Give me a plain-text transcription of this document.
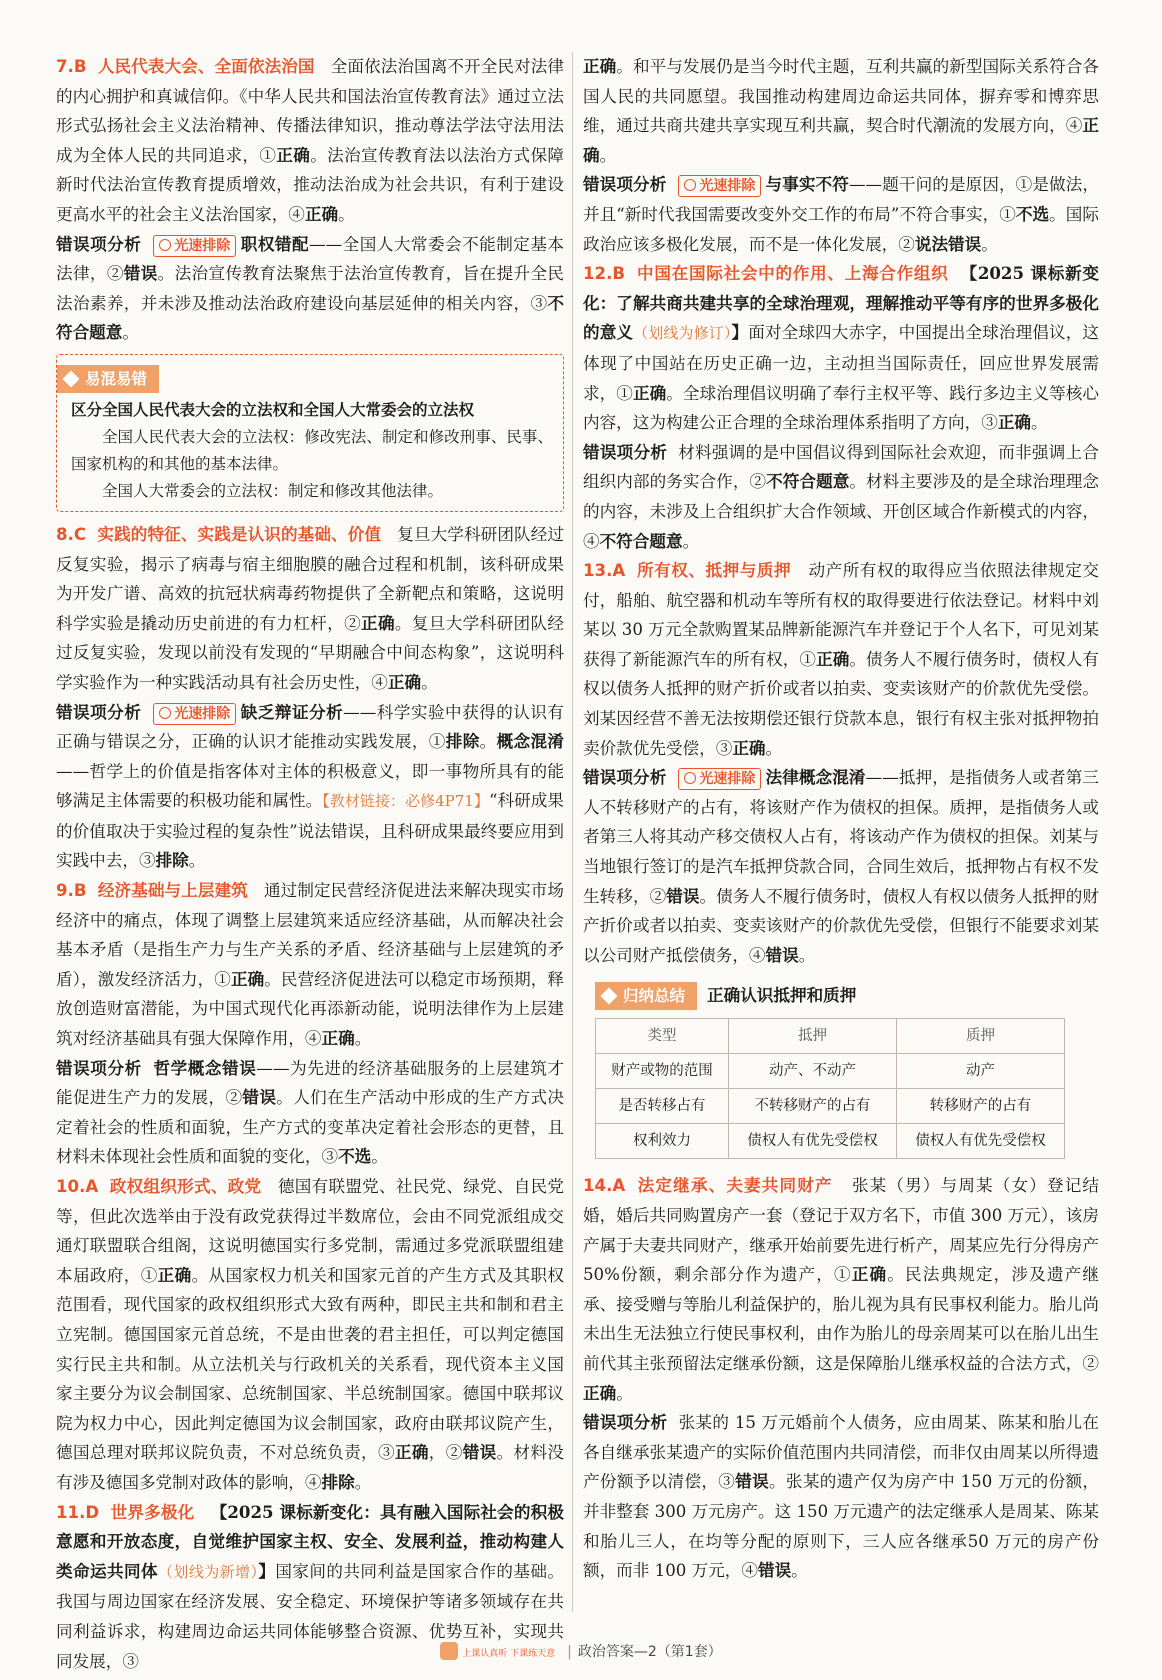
7.B 人民代表大会、全面依法治国 全面依法治国离不开全民对法律的内心拥护和真诚信仰。《中华人民共和国法治宣传教育法》通过立法形式弘扬社会主义法治精神、传播法律知识，推动尊法学法守法用法成为全体人民的共同追求，①正确。法治宣传教育法以法治方式保障新时代法治宣传教育提质增效，推动法治成为社会共识，有利于建设更高水平的社会主义法治国家，④正确。

错误项分析 光速排除 职权错配——全国人大常委会不能制定基本法律，②错误。法治宣传教育法聚焦于法治宣传教育，旨在提升全民法治素养，并未涉及推动法治政府建设向基层延伸的相关内容，③不符合题意。

易混易错
区分全国人民代表大会的立法权和全国人大常委会的立法权
全国人民代表大会的立法权：修改宪法、制定和修改刑事、民事、国家机构的和其他的基本法律。
全国人大常委会的立法权：制定和修改其他法律。

8.C 实践的特征、实践是认识的基础、价值 复旦大学科研团队经过反复实验，揭示了病毒与宿主细胞膜的融合过程和机制，该科研成果为开发广谱、高效的抗冠状病毒药物提供了全新靶点和策略，这说明科学实验是撬动历史前进的有力杠杆，②正确。复旦大学科研团队经过反复实验，发现以前没有发现的“早期融合中间态构象”，这说明科学实验作为一种实践活动具有社会历史性，④正确。

错误项分析 光速排除 缺乏辩证分析——科学实验中获得的认识有正确与错误之分，正确的认识才能推动实践发展，①排除。概念混淆——哲学上的价值是指客体对主体的积极意义，即一事物所具有的能够满足主体需要的积极功能和属性。【教材链接：必修4P71】“科研成果的价值取决于实验过程的复杂性”说法错误，且科研成果最终要应用到实践中去，③排除。

9.B 经济基础与上层建筑 通过制定民营经济促进法来解决现实市场经济中的痛点，体现了调整上层建筑来适应经济基础，从而解决社会基本矛盾（是指生产力与生产关系的矛盾、经济基础与上层建筑的矛盾），激发经济活力，①正确。民营经济促进法可以稳定市场预期，释放创造财富潜能，为中国式现代化再添新动能，说明法律作为上层建筑对经济基础具有强大保障作用，④正确。

错误项分析 哲学概念错误——为先进的经济基础服务的上层建筑才能促进生产力的发展，②错误。人们在生产活动中形成的生产方式决定着社会的性质和面貌，生产方式的变革决定着社会形态的更替，且材料未体现社会性质和面貌的变化，③不选。

10.A 政权组织形式、政党 德国有联盟党、社民党、绿党、自民党等，但此次选举由于没有政党获得过半数席位，会由不同党派组成交通灯联盟联合组阁，这说明德国实行多党制，需通过多党派联盟组建本届政府，①正确。从国家权力机关和国家元首的产生方式及其职权范围看，现代国家的政权组织形式大致有两种，即民主共和制和君主立宪制。德国国家元首总统，不是由世袭的君主担任，可以判定德国实行民主共和制。从立法机关与行政机关的关系看，现代资本主义国家主要分为议会制国家、总统制国家、半总统制国家。德国中联邦议院为权力中心，因此判定德国为议会制国家，政府由联邦议院产生，德国总理对联邦议院负责，不对总统负责，③正确，②错误。材料没有涉及德国多党制对政体的影响，④排除。

11.D 世界多极化 【2025 课标新变化：具有融入国际社会的积极意愿和开放态度，自觉维护国家主权、安全、发展利益，推动构建人类命运共同体（划线为新增）】国家间的共同利益是国家合作的基础。我国与周边国家在经济发展、安全稳定、环境保护等诸多领域存在共同利益诉求，构建周边命运共同体能够整合资源、优势互补，实现共同发展，③

正确。和平与发展仍是当今时代主题，互利共赢的新型国际关系符合各国人民的共同愿望。我国推动构建周边命运共同体，摒弃零和博弈思维，通过共商共建共享实现互利共赢，契合时代潮流的发展方向，④正确。

错误项分析 光速排除 与事实不符——题干问的是原因，①是做法，并且“新时代我国需要改变外交工作的布局”不符合事实，①不选。国际政治应该多极化发展，而不是一体化发展，②说法错误。

12.B 中国在国际社会中的作用、上海合作组织 【2025 课标新变化：了解共商共建共享的全球治理观，理解推动平等有序的世界多极化的意义（划线为修订）】面对全球四大赤字，中国提出全球治理倡议，这体现了中国站在历史正确一边，主动担当国际责任，回应世界发展需求，①正确。全球治理倡议明确了奉行主权平等、践行多边主义等核心内容，这为构建公正合理的全球治理体系指明了方向，③正确。

错误项分析 材料强调的是中国倡议得到国际社会欢迎，而非强调上合组织内部的务实合作，②不符合题意。材料主要涉及的是全球治理理念的内容，未涉及上合组织扩大合作领域、开创区域合作新模式的内容，④不符合题意。

13.A 所有权、抵押与质押 动产所有权的取得应当依照法律规定交付，船舶、航空器和机动车等所有权的取得要进行依法登记。材料中刘某以 30 万元全款购置某品牌新能源汽车并登记于个人名下，可见刘某获得了新能源汽车的所有权，①正确。债务人不履行债务时，债权人有权以债务人抵押的财产折价或者以拍卖、变卖该财产的价款优先受偿。刘某因经营不善无法按期偿还银行贷款本息，银行有权主张对抵押物拍卖价款优先受偿，③正确。

错误项分析 光速排除 法律概念混淆——抵押，是指债务人或者第三人不转移财产的占有，将该财产作为债权的担保。质押，是指债务人或者第三人将其动产移交债权人占有，将该动产作为债权的担保。刘某与当地银行签订的是汽车抵押贷款合同，合同生效后，抵押物占有权不发生转移，②错误。债务人不履行债务时，债权人有权以债务人抵押的财产折价或者以拍卖、变卖该财产的价款优先受偿，但银行不能要求刘某以公司财产抵偿债务，④错误。

归纳总结 正确认识抵押和质押
类型	抵押	质押
财产或物的范围	动产、不动产	动产
是否转移占有	不转移财产的占有	转移财产的占有
权利效力	债权人有优先受偿权	债权人有优先受偿权

14.A 法定继承、夫妻共同财产 张某（男）与周某（女）登记结婚，婚后共同购置房产一套（登记于双方名下，市值 300 万元），该房产属于夫妻共同财产，继承开始前要先进行析产，周某应先行分得房产 50%份额，剩余部分作为遗产，①正确。民法典规定，涉及遗产继承、接受赠与等胎儿利益保护的，胎儿视为具有民事权利能力。胎儿尚未出生无法独立行使民事权利，由作为胎儿的母亲周某可以在胎儿出生前代其主张预留法定继承份额，这是保障胎儿继承权益的合法方式，②正确。

错误项分析 张某的 15 万元婚前个人债务，应由周某、陈某和胎儿在各自继承张某遗产的实际价值范围内共同清偿，而非仅由周某以所得遗产份额予以清偿，③错误。张某的遗产仅为房产中 150 万元的份额，并非整套 300 万元房产。这 150 万元遗产的法定继承人是周某、陈某和胎儿三人，在均等分配的原则下，三人应各继承50 万元的房产份额，而非 100 万元，④错误。

上课认真听 下课练天意 | 政治答案—2（第1套）
